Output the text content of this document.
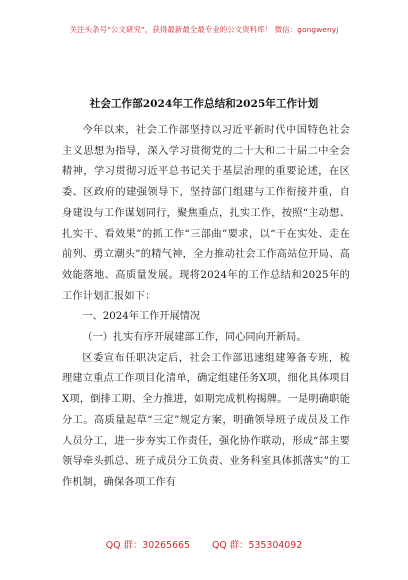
关注头条号“公文研究”，获得最新最全最专业的公文资料库！ 微信：gongwenyj
社会工作部2024年工作总结和2025年工作计划

今年以来，社会工作部坚持以习近平新时代中国特色社会主义思想为指导，深入学习贯彻党的二十大和二十届二中全会精神，学习贯彻习近平总书记关于基层治理的重要论述，在区委、区政府的建强领导下，坚持部门组建与工作衔接并重，自身建设与工作谋划同行，聚焦重点，扎实工作，按照“主动想、扎实干、看效果”的抓工作“三部曲”要求，以“干在实处、走在前列、勇立潮头”的精气神，全力推动社会工作高站位开局、高效能落地、高质量发展。现将2024年的工作总结和2025年的工作计划汇报如下：

一、2024年工作开展情况

（一）扎实有序开展建部工作，同心同向开新局。

区委宣布任职决定后，社会工作部迅速组建筹备专班，梳理建立重点工作项目化清单，确定组建任务X项，细化具体项目X项，倒排工期、全力推进，如期完成机构揭牌。一是明确职能分工。高质量起草“三定”规定方案，明确领导班子成员及工作人员分工，进一步夯实工作责任，强化协作联动，形成“部主要领导牵头抓总、班子成员分工负责、业务科室具体抓落实”的工作机制，确保各项工作有

QQ 群：30265665 QQ 群：535304092
